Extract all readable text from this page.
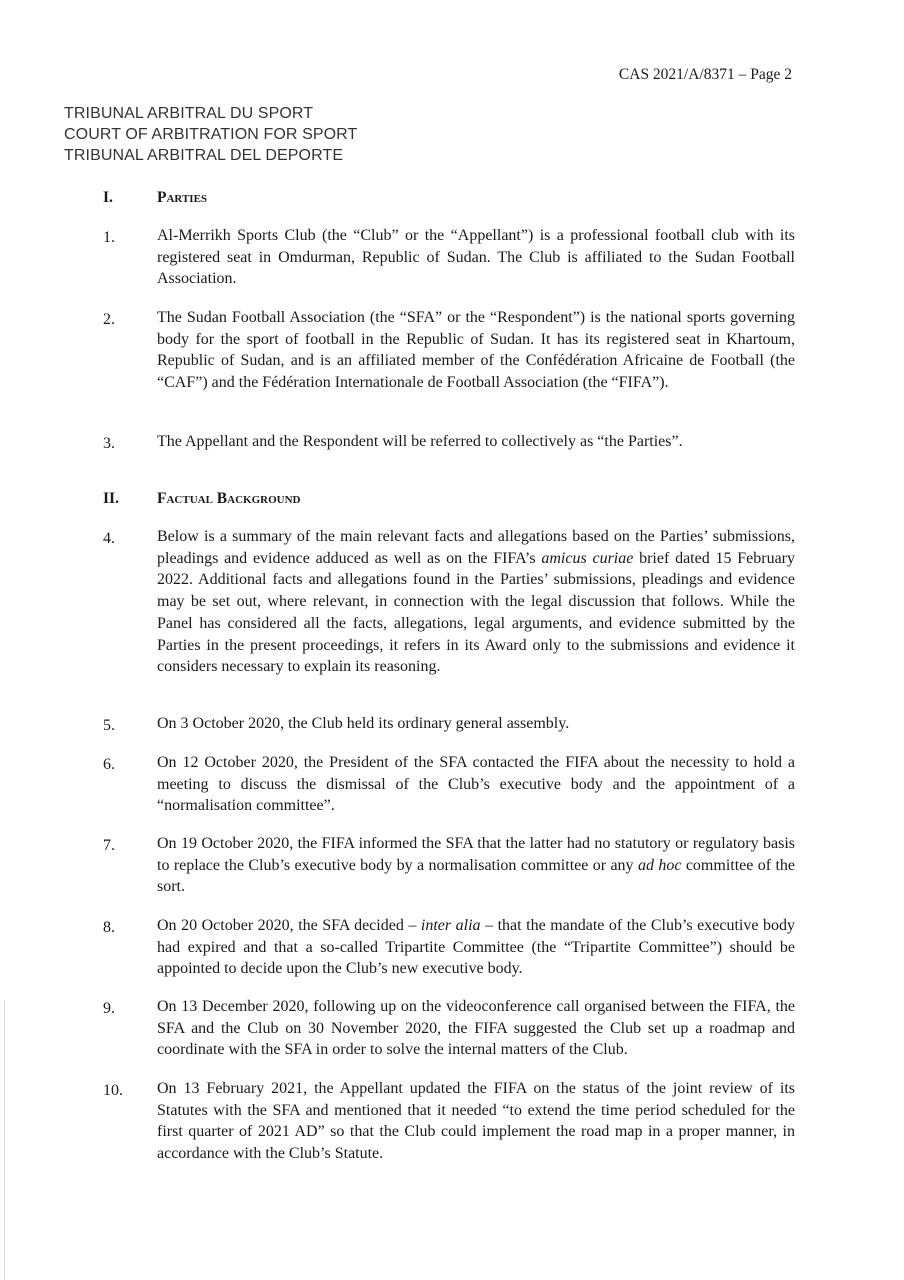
CAS 2021/A/8371 – Page 2
TRIBUNAL ARBITRAL DU SPORT
COURT OF ARBITRATION FOR SPORT
TRIBUNAL ARBITRAL DEL DEPORTE
I.	Parties
1.	Al-Merrikh Sports Club (the “Club” or the “Appellant”) is a professional football club with its registered seat in Omdurman, Republic of Sudan. The Club is affiliated to the Sudan Football Association.
2.	The Sudan Football Association (the “SFA” or the “Respondent”) is the national sports governing body for the sport of football in the Republic of Sudan. It has its registered seat in Khartoum, Republic of Sudan, and is an affiliated member of the Confédération Africaine de Football (the “CAF”) and the Fédération Internationale de Football Association (the “FIFA”).
3.	The Appellant and the Respondent will be referred to collectively as “the Parties”.
II. Factual Background
4.	Below is a summary of the main relevant facts and allegations based on the Parties’ submissions, pleadings and evidence adduced as well as on the FIFA’s amicus curiae brief dated 15 February 2022. Additional facts and allegations found in the Parties’ submissions, pleadings and evidence may be set out, where relevant, in connection with the legal discussion that follows. While the Panel has considered all the facts, allegations, legal arguments, and evidence submitted by the Parties in the present proceedings, it refers in its Award only to the submissions and evidence it considers necessary to explain its reasoning.
5.	On 3 October 2020, the Club held its ordinary general assembly.
6.	On 12 October 2020, the President of the SFA contacted the FIFA about the necessity to hold a meeting to discuss the dismissal of the Club’s executive body and the appointment of a “normalisation committee”.
7.	On 19 October 2020, the FIFA informed the SFA that the latter had no statutory or regulatory basis to replace the Club’s executive body by a normalisation committee or any ad hoc committee of the sort.
8.	On 20 October 2020, the SFA decided – inter alia – that the mandate of the Club’s executive body had expired and that a so-called Tripartite Committee (the “Tripartite Committee”) should be appointed to decide upon the Club’s new executive body.
9.	On 13 December 2020, following up on the videoconference call organised between the FIFA, the SFA and the Club on 30 November 2020, the FIFA suggested the Club set up a roadmap and coordinate with the SFA in order to solve the internal matters of the Club.
10. On 13 February 2021, the Appellant updated the FIFA on the status of the joint review of its Statutes with the SFA and mentioned that it needed “to extend the time period scheduled for the first quarter of 2021 AD” so that the Club could implement the road map in a proper manner, in accordance with the Club’s Statute.
